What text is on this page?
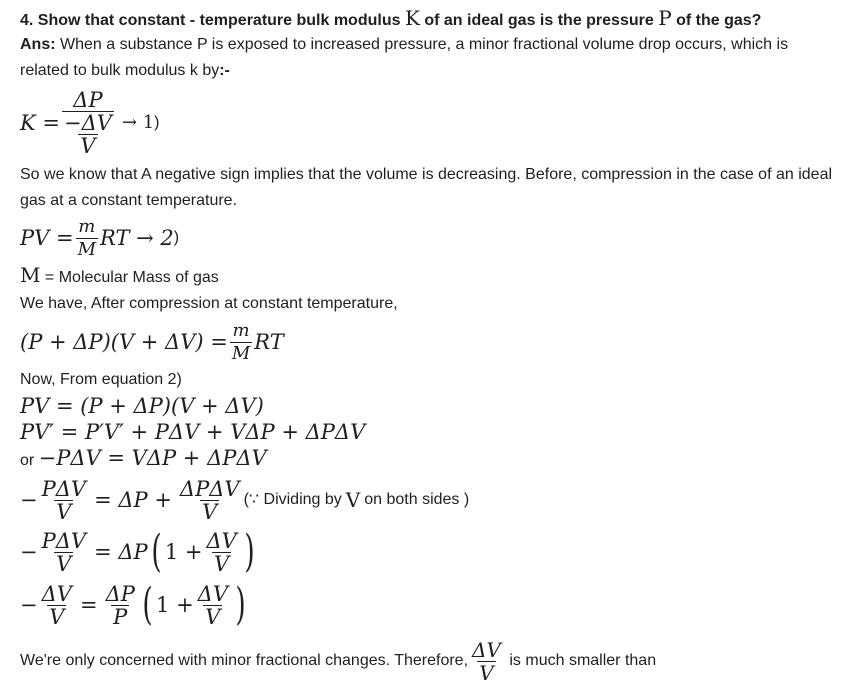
4. Show that constant - temperature bulk modulus K of an ideal gas is the pressure P of the gas?
Ans: When a substance P is exposed to increased pressure, a minor fractional volume drop occurs, which is related to bulk modulus k by:-
$K = \frac{\Delta P}{\frac{-\Delta V}{V}} \to 1$ )
So we know that A negative sign implies that the volume is decreasing. Before, compression in the case of an ideal gas at a constant temperature.
PV = $\frac{m}{M}$ RT → 2 )
M = Molecular Mass of gas
We have, After compression at constant temperature,
$(P + \Delta P)(V + \Delta V) = \frac{m}{M}$ RT
Now, From equation 2)
PV = (P + ΔP)(V + ΔV)
PV′ = P′V′ + PΔV + VΔP + ΔPΔV
or −PΔV = VΔP + ΔPΔV
− $\frac{\text{PΔV}}{V} = \Delta P + \frac{\text{ΔPΔV}}{V}$ (∵ Dividing by V on both sides )
− $\frac{\text{PΔV}}{V} = \Delta P$ ( $1 + \frac{\Delta V}{V}$ )
− $\frac{\Delta V}{V} = \frac{\Delta P}{P}$ ( $1 + \frac{\Delta V}{V}$ )
We're only concerned with minor fractional changes. Therefore, $\frac{\Delta V}{V}$ is much smaller than
